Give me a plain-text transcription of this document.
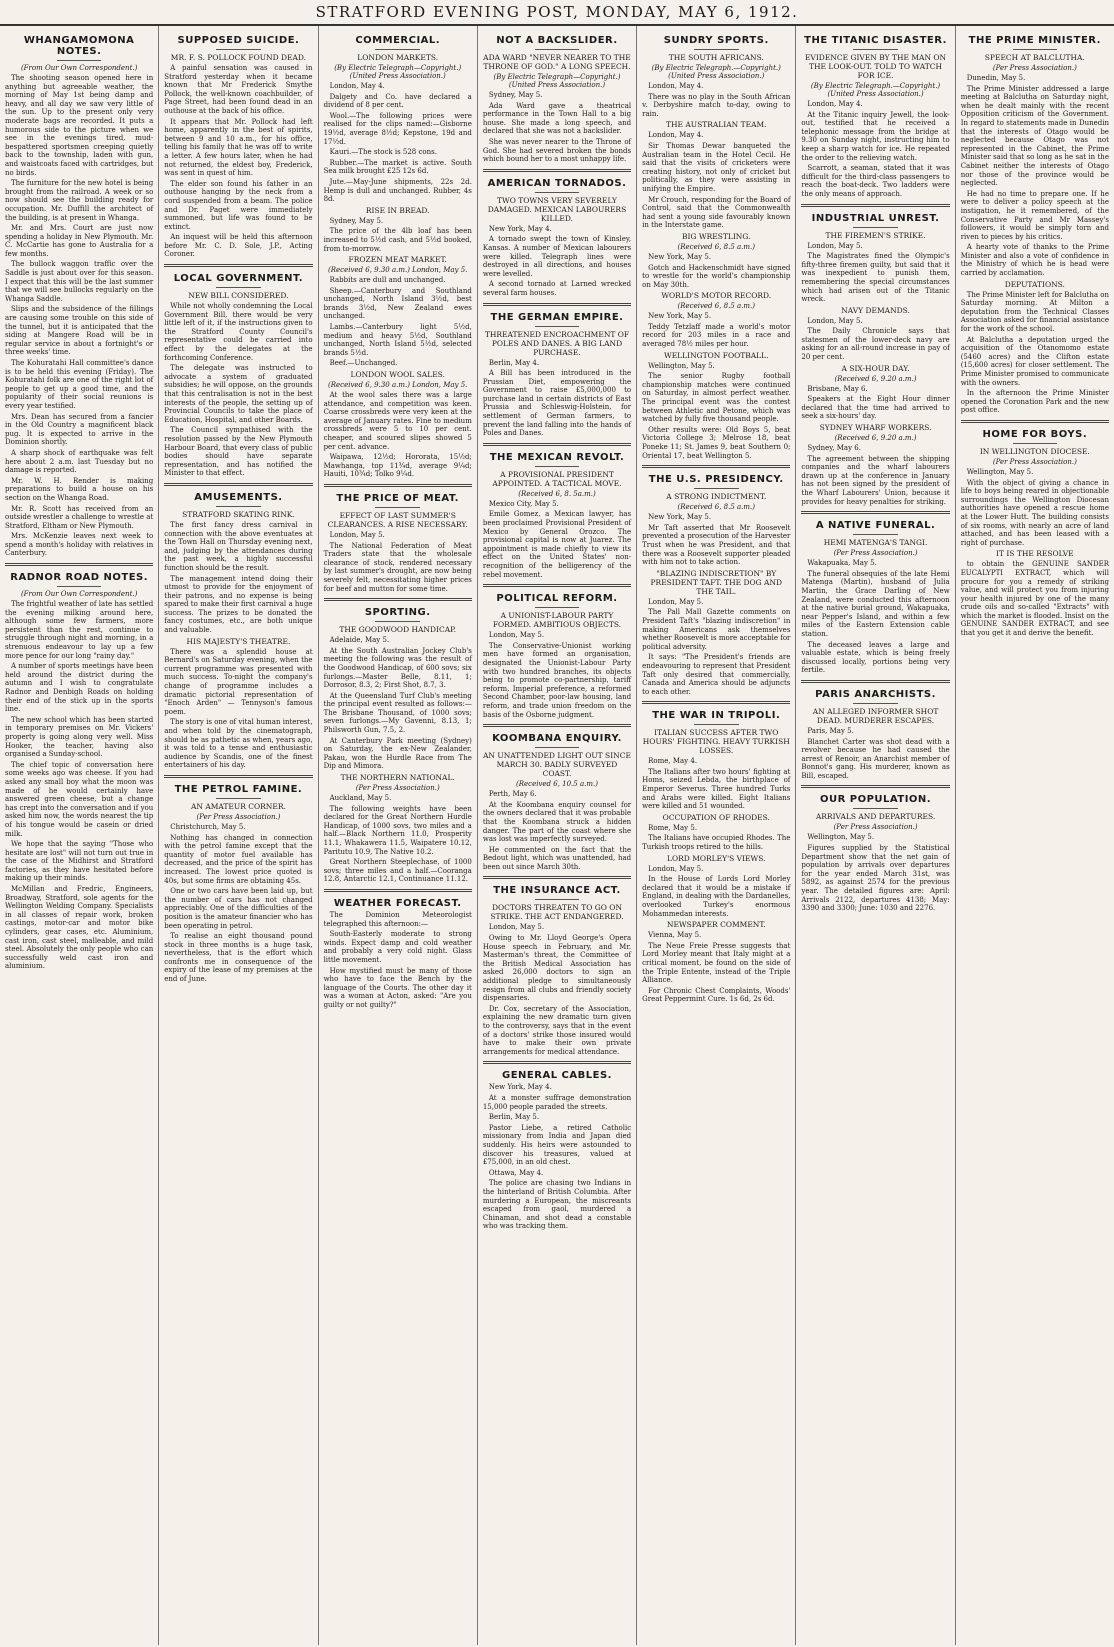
STRATFORD EVENING POST, MONDAY, MAY 6, 1912.
WHANGAMOMONA NOTES.
(From Our Own Correspondent.)

The shooting season opened here in anything but agreeable weather, the morning of May 1st being damp and heavy, and all day we saw very little of the sun. Up to the present only very moderate bags are recorded. It puts a humorous side to the picture when we see in the evenings tired, mud-bespattered sportsmen creeping quietly back to the township, laden with gun, and waistcoats faced with cartridges, but no birds.

The furniture for the new hotel is being brought from the railroad. A week or so now should see the building ready for occupation. Mr. Duffill the architect of the building, is at present in Whanga.

Mr. and Mrs. Court are just now spending a holiday in New Plymouth. Mr. C. McCartie has gone to Australia for a few months.

The bullock waggon traffic over the Saddle is just about over for this season. I expect that this will be the last summer that we will see bullocks regularly on the Whanga Saddle.

Slips and the subsidence of the fillings are causing some trouble on this side of the tunnel, but it is anticipated that the siding at Mangere Road will be in regular service in about a fortnight's or three weeks' time.

The Kohuratahi Hall committee's dance is to be held this evening (Friday). The Kohuratahi folk are one of the right lot of people to get up a good time, and the popularity of their social reunions is every year testified.

Mrs. Dean has secured from a fancier in the Old Country a magnificent black pug. It is expected to arrive in the Dominion shortly.

A sharp shock of earthquake was felt here about 2 a.m. last Tuesday but no damage is reported.

Mr. W. H. Render is making preparations to build a house on his section on the Whanga Road.

Mr. R. Scott has received from an outside wrestler a challenge to wrestle at Stratford, Eltham or New Plymouth.

Mrs. McKenzie leaves next week to spend a month's holiday with relatives in Canterbury.

RADNOR ROAD NOTES.
(From Our Own Correspondent.)

The frightful weather of late has settled the evening milking around here, although some few farmers, more persistent than the rest, continue to struggle through night and morning, in a strenuous endeavour to lay up a few more pence for our long "rainy day."

A number of sports meetings have been held around the district during the autumn and I wish to congratulate Radnor and Denbigh Roads on holding their end of the stick up in the sports line.

The new school which has been started in temporary premises on Mr. Vickers' property is going along very well. Miss Hooker, the teacher, having also organised a Sunday-school.

The chief topic of conversation here some weeks ago was cheese. If you had asked any small boy what the moon was made of he would certainly have answered green cheese, but a change has crept into the conversation and if you asked him now, the words nearest the tip of his tongue would be casein or dried milk.

We hope that the saying "Those who hesitate are lost" will not turn out true in the case of the Midhirst and Stratford factories, as they have hesitated before making up their minds.

McMillan and Fredric, Engineers, Broadway, Stratford, sole agents for the Wellington Welding Company. Specialists in all classes of repair work, broken castings, motor-car and motor bike cylinders, gear cases, etc. Aluminium, cast iron, cast steel, malleable, and mild steel. Absolutely the only people who can successfully weld cast iron and aluminium.

SUPPOSED SUICIDE.
MR. F. S. POLLOCK FOUND DEAD.

A painful sensation was caused in Stratford yesterday when it became known that Mr Frederick Smythe Pollock, the well-known coachbuilder, of Page Street, had been found dead in an outhouse at the back of his office.

It appears that Mr. Pollock had left home, apparently in the best of spirits, between 9 and 10 a.m., for his office, telling his family that he was off to write a letter. A few hours later, when he had not returned, the eldest boy, Frederick, was sent in quest of him.

The elder son found his father in an outhouse hanging by the neck from a cord suspended from a beam. The police and Dr. Paget were immediately summoned, but life was found to be extinct.

An inquest will be held this afternoon before Mr. C. D. Sole, J.P., Acting Coroner.

LOCAL GOVERNMENT.
NEW BILL CONSIDERED.

While not wholly condemning the Local Government Bill, there would be very little left of it, if the instructions given to the Stratford County Council's representative could be carried into effect by the delegates at the forthcoming Conference.

The delegate was instructed to advocate a system of graduated subsidies; he will oppose, on the grounds that this centralisation is not in the best interests of the people, the setting up of Provincial Councils to take the place of Education, Hospital, and other Boards.

The Council sympathised with the resolution passed by the New Plymouth Harbour Board, that every class of public bodies should have separate representation, and has notified the Minister to that effect.

AMUSEMENTS.
STRATFORD SKATING RINK.

The first fancy dress carnival in connection with the above eventuates at the Town Hall on Thursday evening next, and, judging by the attendances during the past week, a highly successful function should be the result.

The management intend doing their utmost to provide for the enjoyment of their patrons, and no expense is being spared to make their first carnival a huge success. The prizes to be donated the fancy costumes, etc., are both unique and valuable.

HIS MAJESTY'S THEATRE.

There was a splendid house at Bernard's on Saturday evening, when the current programme was presented with much success. To-night the company's change of programme includes a dramatic pictorial representation of "Enoch Arden" — Tennyson's famous poem.

The story is one of vital human interest, and when told by the cinematograph, should be as pathetic as when, years ago, it was told to a tense and enthusiastic audience by Scandis, one of the finest entertainers of his day.

THE PETROL FAMINE.
AN AMATEUR CORNER.
(Per Press Association.)

Christchurch, May 5.

Nothing has changed in connection with the petrol famine except that the quantity of motor fuel available has decreased, and the price of the spirit has increased. The lowest price quoted is 40s, but some firms are obtaining 45s.

One or two cars have been laid up, but the number of cars has not changed appreciably. One of the difficulties of the position is the amateur financier who has been operating in petrol.

To realise an eight thousand pound stock in three months is a huge task, nevertheless, that is the effort which confronts me in consequence of the expiry of the lease of my premises at the end of June.

COMMERCIAL.
LONDON MARKETS.
(By Electric Telegraph—Copyright.) (United Press Association.)

London, May 4.

Dalgety and Co. have declared a dividend of 8 per cent.

Wool.—The following prices were realised for the clips named:—Gisborne 19½d, average 8½d; Kepstone, 19d and 17½d.

Kauri.—The stock is 528 cons.

Rubber.—The market is active. South Sea milk brought £25 12s 6d.

Jute.—May-June shipments, 22s 2d. Hemp is dull and unchanged. Rubber, 4s 8d.

RISE IN BREAD.

Sydney, May 5.

The price of the 4lb loaf has been increased to 5½d cash, and 5½d booked, from to-morrow.

FROZEN MEAT MARKET.
(Received 6, 9.30 a.m.) London, May 5.

Rabbits are dull and unchanged.

Sheep.—Canterbury and Southland unchanged, North Island 3½d, best brands 3½d, New Zealand ewes unchanged.

Lambs.—Canterbury light 5½d, medium and heavy 5½d, Southland unchanged, North Island 5½d, selected brands 5½d.

Beef.—Unchanged.

LONDON WOOL SALES.
(Received 6, 9.30 a.m.) London, May 5.

At the wool sales there was a large attendance, and competition was keen. Coarse crossbreds were very keen at the average of January rates. Fine to medium crossbreds were 5 to 10 per cent. cheaper, and scoured slipes showed 5 per cent. advance.

Waipawa, 12½d; Hororata, 15½d; Mawhanga, top 11¾d, average 9¼d; Hauiti, 10¾d; Tolko 9¼d.

THE PRICE OF MEAT.
EFFECT OF LAST SUMMER'S CLEARANCES. A RISE NECESSARY.

London, May 5.

The National Federation of Meat Traders state that the wholesale clearance of stock, rendered necessary by last summer's drought, are now being severely felt, necessitating higher prices for beef and mutton for some time.

SPORTING.
THE GOODWOOD HANDICAP.

Adelaide, May 5.

At the South Australian Jockey Club's meeting the following was the result of the Goodwood Handicap, of 600 sovs; six furlongs.—Master Belle, 8.11, 1; Dorrosor, 8.3, 2; First Shot, 8.7, 3.

At the Queensland Turf Club's meeting the principal event resulted as follows:— The Brisbane Thousand, of 1000 sovs; seven furlongs.—My Gavenni, 8.13, 1; Philsworth Gun, 7.5, 2.

At Canterbury Park meeting (Sydney) on Saturday, the ex-New Zealander, Pakau, won the Hurdle Race from The Dip and Mimora.

THE NORTHERN NATIONAL.
(Per Press Association.)

Auckland, May 5.

The following weights have been declared for the Great Northern Hurdle Handicap, of 1000 sovs, two miles and a half.—Black Northern 11.0, Prosperity 11.1, Whakawera 11.5, Waipatere 10.12, Paritutu 10.9, The Native 10.2.

Great Northern Steeplechase, of 1000 sovs; three miles and a half.—Cooranga 12.8, Antarctic 12.1, Continuance 11.12.

WEATHER FORECAST.

The Dominion Meteorologist telegraphed this afternoon:—

South-Easterly moderate to strong winds. Expect damp and cold weather and probably a very cold night. Glass little movement.

How mystified must be many of those who have to face the Bench by the language of the Courts. The other day it was a woman at Acton, asked: "Are you guilty or not guilty?"

NOT A BACKSLIDER.
ADA WARD "NEVER NEARER TO THE THRONE OF GOD." A LONG SPEECH.
(By Electric Telegraph—Copyright.) (United Press Association.)

Sydney, May 5.

Ada Ward gave a theatrical performance in the Town Hall to a big house. She made a long speech, and declared that she was not a backslider.

She was never nearer to the Throne of God. She had severed broken the bonds which bound her to a most unhappy life.

AMERICAN TORNADOS.
TWO TOWNS VERY SEVERELY DAMAGED. MEXICAN LABOURERS KILLED.

New York, May 4.

A tornado swept the town of Kinsley, Kansas. A number of Mexican labourers were killed. Telegraph lines were destroyed in all directions, and houses were levelled.

A second tornado at Larned wrecked several farm houses.

THE GERMAN EMPIRE.
THREATENED ENCROACHMENT OF POLES AND DANES. A BIG LAND PURCHASE.

Berlin, May 4.

A Bill has been introduced in the Prussian Diet, empowering the Government to raise £5,000,000 to purchase land in certain districts of East Prussia and Schleswig-Holstein, for settlement of German farmers, to prevent the land falling into the hands of Poles and Danes.

THE MEXICAN REVOLT.
A PROVISIONAL PRESIDENT APPOINTED. A TACTICAL MOVE.
(Received 6, 8. 5a.m.)

Mexico City, May 5.

Emile Gomez, a Mexican lawyer, has been proclaimed Provisional President of Mexico by General Orozco. The provisional capital is now at Juarez. The appointment is made chiefly to view its effect on the United States' non-recognition of the belligerency of the rebel movement.

POLITICAL REFORM.
A UNIONIST-LABOUR PARTY FORMED. AMBITIOUS OBJECTS.

London, May 5.

The Conservative-Unionist working men have formed an organisation, designated the Unionist-Labour Party with two hundred branches, its objects being to promote co-partnership, tariff reform, Imperial preference, a reformed Second Chamber, poor-law housing, land reform, and trade union freedom on the basis of the Osborne judgment.

KOOMBANA ENQUIRY.
AN UNATTENDED LIGHT OUT SINCE MARCH 30. BADLY SURVEYED COAST.
(Received 6, 10.5 a.m.)

Perth, May 6.

At the Koombana enquiry counsel for the owners declared that it was probable that the Koombana struck a hidden danger. The part of the coast where she was lost was imperfectly surveyed.

He commented on the fact that the Bedout light, which was unattended, had been out since March 30th.

THE INSURANCE ACT.
DOCTORS THREATEN TO GO ON STRIKE. THE ACT ENDANGERED.

London, May 5.

Owing to Mr. Lloyd George's Opera House speech in February, and Mr. Masterman's threat, the Committee of the British Medical Association has asked 26,000 doctors to sign an additional pledge to simultaneously resign from all clubs and friendly society dispensaries.

Dr. Cox, secretary of the Association, explaining the new dramatic turn given to the controversy, says that in the event of a doctors' strike those insured would have to make their own private arrangements for medical attendance.

GENERAL CABLES.

New York, May 4.

At a monster suffrage demonstration 15,000 people paraded the streets.

Berlin, May 5.

Pastor Liebe, a retired Catholic missionary from India and Japan died suddenly. His heirs were astounded to discover his treasures, valued at £75,000, in an old chest.

Ottawa, May 4.

The police are chasing two Indians in the hinterland of British Columbia. After murdering a European, the miscreants escaped from gaol, murdered a Chinaman, and shot dead a constable who was tracking them.

SUNDRY SPORTS.
THE SOUTH AFRICANS.
(By Electric Telegraph.—Copyright.) (United Press Association.)

London, May 4.

There was no play in the South African v. Derbyshire match to-day, owing to rain.

THE AUSTRALIAN TEAM.

London, May 4.

Sir Thomas Dewar banqueted the Australian team in the Hotel Cecil. He said that the visits of cricketers were creating history, not only of cricket but politically, as they were assisting in unifying the Empire.

Mr Crouch, responding for the Board of Control, said that the Commonwealth had sent a young side favourably known in the Interstate game.

BIG WRESTLING.
(Received 6, 8.5 a.m.)

New York, May 5.

Gotch and Hackenschmidt have signed to wrestle for the world's championship on May 30th.

WORLD'S MOTOR RECORD.
(Received 6, 8.5 a.m.)

New York, May 5.

Teddy Tetzlaff made a world's motor record for 203 miles in a race and averaged 78½ miles per hour.

WELLINGTON FOOTBALL.

Wellington, May 5.

The senior Rugby football championship matches were continued on Saturday, in almost perfect weather. The principal event was the contest between Athletic and Petone, which was watched by fully five thousand people.

Other results were: Old Boys 5, beat Victoria College 3; Melrose 18, beat Poneke 11; St. James 9, beat Southern 0; Oriental 17, beat Wellington 5.

THE U.S. PRESIDENCY.
A STRONG INDICTMENT.
(Received 6, 8.5 a.m.)

New York, May 5.

Mr Taft asserted that Mr Roosevelt prevented a prosecution of the Harvester Trust when he was President, and that there was a Roosevelt supporter pleaded with him not to take action.

"BLAZING INDISCRETION" BY PRESIDENT TAFT. THE DOG AND THE TAIL.

London, May 5.

The Pall Mall Gazette comments on President Taft's "blazing indiscretion" in making Americans ask themselves whether Roosevelt is more acceptable for political adversity.

It says: "The President's friends are endeavouring to represent that President Taft only desired that commercially, Canada and America should be adjuncts to each other.

THE WAR IN TRIPOLI.
ITALIAN SUCCESS AFTER TWO HOURS' FIGHTING. HEAVY TURKISH LOSSES.

Rome, May 4.

The Italians after two hours' fighting at Homs, seized Lebda, the birthplace of Emperor Severus. Three hundred Turks and Arabs were killed. Eight Italians were killed and 51 wounded.

OCCUPATION OF RHODES.

Rome, May 5.

The Italians have occupied Rhodes. The Turkish troops retired to the hills.

LORD MORLEY'S VIEWS.

London, May 5.

In the House of Lords Lord Morley declared that it would be a mistake if England, in dealing with the Dardanelles, overlooked Turkey's enormous Mohammedan interests.

NEWSPAPER COMMENT.

Vienna, May 5.

The Neue Freie Presse suggests that Lord Morley meant that Italy might at a critical moment, be found on the side of the Triple Entente, instead of the Triple Alliance.

For Chronic Chest Complaints, Woods' Great Peppermint Cure. 1s 6d, 2s 6d.

THE TITANIC DISASTER.
EVIDENCE GIVEN BY THE MAN ON THE LOOK-OUT. TOLD TO WATCH FOR ICE.
(By Electric Telegraph.—Copyright.) (United Press Association.)

London, May 4.

At the Titanic inquiry Jewell, the look-out, testified that he received a telephonic message from the bridge at 9.30 on Sunday night, instructing him to keep a sharp watch for ice. He repeated the order to the relieving watch.

Scarrott, a seaman, stated that it was difficult for the third-class passengers to reach the boat-deck. Two ladders were the only means of approach.

INDUSTRIAL UNREST.
THE FIREMEN'S STRIKE.

London, May 5.

The Magistrates fined the Olympic's fifty-three firemen guilty, but said that it was inexpedient to punish them, remembering the special circumstances which had arisen out of the Titanic wreck.

NAVY DEMANDS.

London, May 5.

The Daily Chronicle says that statesmen of the lower-deck navy are asking for an all-round increase in pay of 20 per cent.

A SIX-HOUR DAY.
(Received 6, 9.20 a.m.)

Brisbane, May 6.

Speakers at the Eight Hour dinner declared that the time had arrived to seek a six-hours' day.

SYDNEY WHARF WORKERS.
(Received 6, 9.20 a.m.)

Sydney, May 6.

The agreement between the shipping companies and the wharf labourers drawn up at the conference in January has not been signed by the president of the Wharf Labourers' Union, because it provides for heavy penalties for striking.

A NATIVE FUNERAL.
HEMI MATENGA'S TANGI.
(Per Press Association.)

Wakapuaka, May 5.

The funeral obsequies of the late Hemi Matenga (Martin), husband of Julia Martin, the Grace Darling of New Zealand, were conducted this afternoon at the native burial ground, Wakapuaka, near Pepper's Island, and within a few miles of the Eastern Extension cable station.

The deceased leaves a large and valuable estate, which is being freely discussed locally, portions being very fertile.

PARIS ANARCHISTS.
AN ALLEGED INFORMER SHOT DEAD. MURDERER ESCAPES.

Paris, May 5.

Blanchet Carter was shot dead with a revolver because he had caused the arrest of Renoir, an Anarchist member of Bonnot's gang. His murderer, known as Bill, escaped.

OUR POPULATION.
ARRIVALS AND DEPARTURES.
(Per Press Association.)

Wellington, May 5.

Figures supplied by the Statistical Department show that the net gain of population by arrivals over departures for the year ended March 31st, was 5892, as against 2574 for the previous year. The detailed figures are: April: Arrivals 2122, departures 4138; May: 3390 and 3300; June: 1030 and 2276.

THE PRIME MINISTER.
SPEECH AT BALCLUTHA.
(Per Press Association.)

Dunedin, May 5.

The Prime Minister addressed a large meeting at Balclutha on Saturday night, when he dealt mainly with the recent Opposition criticism of the Government. In regard to statements made in Dunedin that the interests of Otago would be neglected because Otago was not represented in the Cabinet, the Prime Minister said that so long as he sat in the Cabinet neither the interests of Otago nor those of the province would be neglected.

He had no time to prepare one. If he were to deliver a policy speech at the instigation, he it remembered, of the Conservative Party and Mr Massey's followers, it would be simply torn and riven to pieces by his critics.

A hearty vote of thanks to the Prime Minister and also a vote of confidence in the Ministry of which he is head were carried by acclamation.

DEPUTATIONS.

The Prime Minister left for Balclutha on Saturday morning. At Milton a deputation from the Technical Classes Association asked for financial assistance for the work of the school.

At Balclutha a deputation urged the acquisition of the Otanomomo estate (5460 acres) and the Clifton estate (15,600 acres) for closer settlement. The Prime Minister promised to communicate with the owners.

In the afternoon the Prime Minister opened the Coronation Park and the new post office.

HOME FOR BOYS.
IN WELLINGTON DIOCESE.
(Per Press Association.)

Wellington, May 5.

With the object of giving a chance in life to boys being reared in objectionable surroundings the Wellington Diocesan authorities have opened a rescue home at the Lower Hutt. The building consists of six rooms, with nearly an acre of land attached, and has been leased with a right of purchase.

IT IS THE RESOLVE

to obtain the GENUINE SANDER EUCALYPTI EXTRACT, which will procure for you a remedy of striking value, and will protect you from injuring your health injured by one of the many crude oils and so-called "Extracts" with which the market is flooded. Insist on the GENUINE SANDER EXTRACT, and see that you get it and derive the benefit.
